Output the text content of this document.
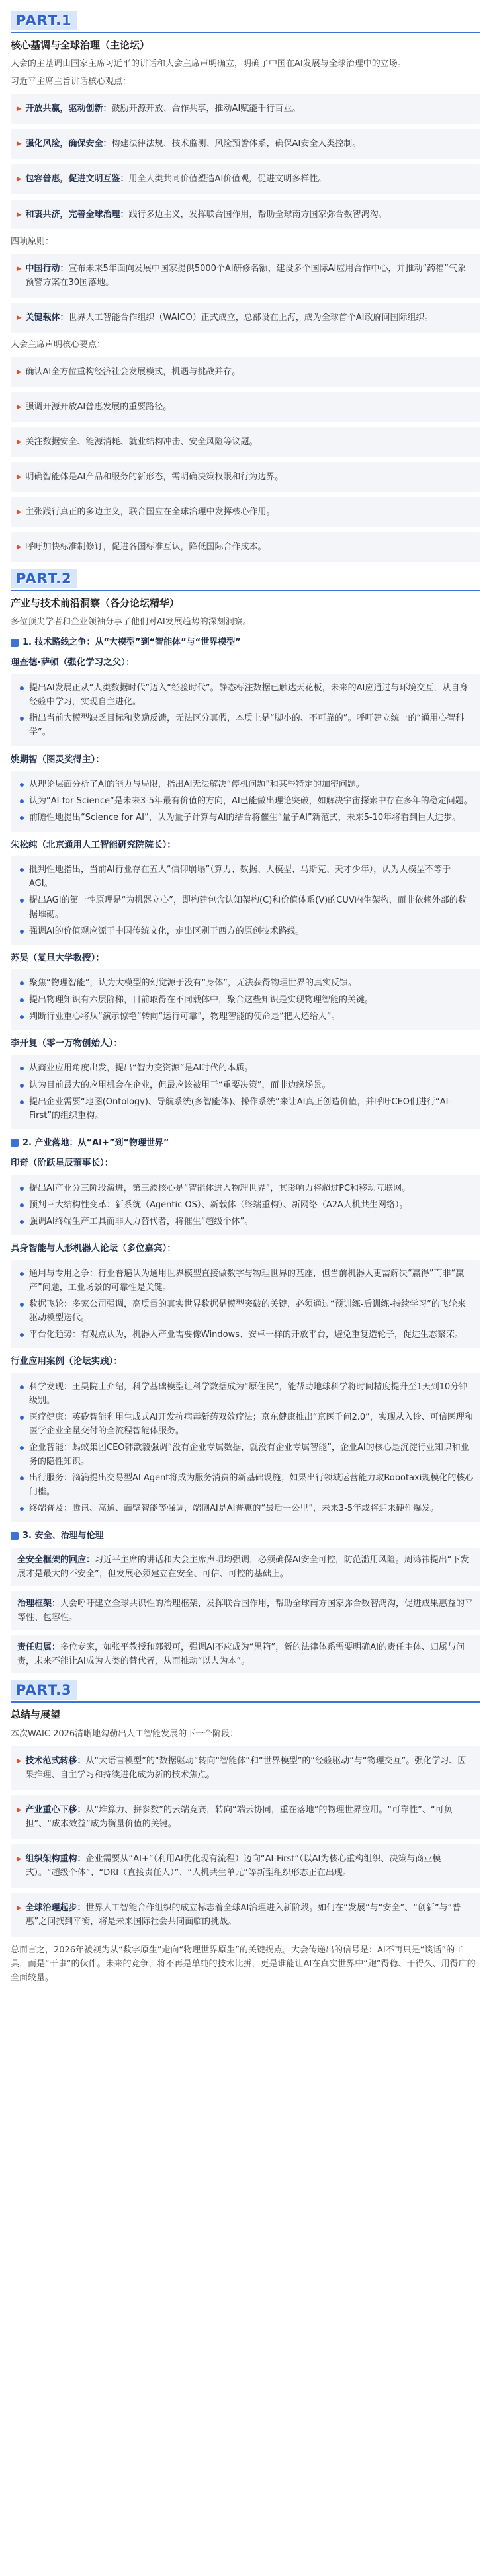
PART.1
核心基调与全球治理（主论坛）

大会的主基调由国家主席习近平的讲话和大会主席声明确立，明确了中国在AI发展与全球治理中的立场。

习近平主席主旨讲话核心观点：

▸ 开放共赢，驱动创新：鼓励开源开放、合作共享，推动AI赋能千行百业。
▸ 强化风险，确保安全：构建法律法规、技术监测、风险预警体系，确保AI安全人类控制。
▸ 包容普惠，促进文明互鉴：用全人类共同价值塑造AI价值观，促进文明多样性。
▸ 和衷共济，完善全球治理：践行多边主义，发挥联合国作用，帮助全球南方国家弥合数智鸿沟。

四项原则：

▸ 中国行动：宣布未来5年面向发展中国家提供5000个AI研修名额，建设多个国际AI应用合作中心，并推动“药福”气象预警方案在30国落地。
▸ 关键载体：世界人工智能合作组织（WAICO）正式成立，总部设在上海，成为全球首个AI政府间国际组织。

大会主席声明核心要点：

▸ 确认AI全方位重构经济社会发展模式，机遇与挑战并存。
▸ 强调开源开放AI普惠发展的重要路径。
▸ 关注数据安全、能源消耗、就业结构冲击、安全风险等议题。
▸ 明确智能体是AI产品和服务的新形态，需明确决策权限和行为边界。
▸ 主张践行真正的多边主义，联合国应在全球治理中发挥核心作用。
▸ 呼吁加快标准制修订，促进各国标准互认，降低国际合作成本。
PART.2
产业与技术前沿洞察（各分论坛精华）

多位顶尖学者和企业领袖分享了他们对AI发展趋势的深刻洞察。

1. 技术路线之争：从“大模型”到“智能体”与“世界模型”
理查德·萨顿（强化学习之父）：
提出AI发展正从“人类数据时代”迈入“经验时代”。静态标注数据已触达天花板，未来的AI应通过与环境交互，从自身经验中学习，实现自主进化。
指出当前大模型缺乏目标和奖励反馈，无法区分真假，本质上是“脚小的、不可靠的”。呼吁建立统一的“通用心智科学”。
姚期智（图灵奖得主）：
从理论层面分析了AI的能力与局限，指出AI无法解决“停机问题”和某些特定的加密问题。
认为“AI for Science”是未来3-5年最有价值的方向，AI已能做出理论突破，如解决宇宙探索中存在多年的稳定问题。
前瞻性地提出“Science for AI”，认为量子计算与AI的结合将催生“量子AI”新范式，未来5-10年将看到巨大进步。
朱松纯（北京通用人工智能研究院院长）：
批判性地指出，当前AI行业存在五大“信仰崩塌”（算力、数据、大模型、马斯克、天才少年），认为大模型不等于AGI。
提出AGI的第一性原理是“为机器立心”，即构建包含认知架构(C)和价值体系(V)的CUV内生架构，而非依赖外部的数据堆砌。
强调AI的价值观应源于中国传统文化，走出区别于西方的原创技术路线。
苏昊（复旦大学教授）：
聚焦“物理智能”，认为大模型的幻觉源于没有“身体”，无法获得物理世界的真实反馈。
提出物理知识有六层阶梯，目前取得在不同载体中，聚合这些知识是实现物理智能的关键。
判断行业重心将从“演示惊艳”转向“运行可靠”，物理智能的使命是“把人还给人”。
李开复（零一万物创始人）：
从商业应用角度出发，提出“智力变资源”是AI时代的本质。
认为目前最大的应用机会在企业，但最应该被用于“重要决策”，而非边缘场景。
提出企业需要“地图(Ontology)、导航系统(多智能体)、操作系统”来让AI真正创造价值，并呼吁CEO们进行“AI-First”的组织重构。
2. 产业落地：从“AI+”到“物理世界”
印奇（阶跃星辰董事长）：
提出AI产业分三阶段演进，第三波核心是“智能体进入物理世界”，其影响力将超过PC和移动互联网。
预判三大结构性变革：新系统（Agentic OS）、新载体（终端重构）、新网络（A2A人机共生网络）。
强调AI终端生产工具而非人力替代者，将催生“超级个体”。
具身智能与人形机器人论坛（多位嘉宾）：
通用与专用之争：行业普遍认为通用世界模型直接做数字与物理世界的基座，但当前机器人更需解决“赢得”而非“赢产”问题，工业场景的可靠性是关键。
数据飞轮：多家公司强调，高质量的真实世界数据是模型突破的关键，必须通过“预训练-后训练-持续学习”的飞轮来驱动模型迭代。
平台化趋势：有观点认为，机器人产业需要像Windows、安卓一样的开放平台，避免重复造轮子，促进生态繁荣。
行业应用案例（论坛实践）：
科学发现：王昊院士介绍，科学基础模型让科学数据成为“原住民”，能帮助地球科学将时间精度提升至1天到10分钟级别。
医疗健康：英矽智能利用生成式AI开发抗病毒新药双效疗法；京东健康推出“京医千问2.0”，实现从入诊、可信医理和医学企业全量交付的全流程智能体服务。
企业智能：蚂蚁集团CEO韩歆毅强调“没有企业专属数据，就没有企业专属智能”，企业AI的核心是沉淀行业知识和业务的隐性知识。
出行服务：滴滴提出交易型AI Agent将成为服务消费的新基础设施；如果出行领域运营能力取Robotaxi规模化的核心门槛。
终端普及：腾讯、高通、面壁智能等强调，端侧AI是AI普惠的“最后一公里”，未来3-5年或将迎来硬件爆发。
3. 安全、治理与伦理
全安全框架的回应：习近平主席的讲话和大会主席声明均强调，必须确保AI安全可控，防范滥用风险。周鸿祎提出“下发展才是最大的不安全”，但发展必须建立在安全、可信、可控的基础上。
治理框架：大会呼吁建立全球共识性的治理框架，发挥联合国作用，帮助全球南方国家弥合数智鸿沟，促进成果惠益的平等性、包容性。
责任归属：多位专家，如张平教授和郭毅可，强调AI不应成为“黑箱”，新的法律体系需要明确AI的责任主体、归属与问责，未来不能让AI成为人类的替代者，从而推动“以人为本”。
PART.3
总结与展望

本次WAIC 2026清晰地勾勒出人工智能发展的下一个阶段：

▸ 技术范式转移：从“大语言模型”的“数据驱动”转向“智能体”和“世界模型”的“经验驱动”与“物理交互”。强化学习、因果推理、自主学习和持续进化成为新的技术焦点。
▸ 产业重心下移：从“堆算力、拼参数”的云端竞赛，转向“端云协同，重在落地”的物理世界应用。“可靠性”、“可负担”、“成本效益”成为衡量价值的关键。
▸ 组织架构重构：企业需要从“AI+”（利用AI优化现有流程）迈向“AI-First”（以AI为核心重构组织、决策与商业模式）。“超级个体”、“DRI（直接责任人）”、“人机共生单元”等新型组织形态正在出现。
▸ 全球治理起步：世界人工智能合作组织的成立标志着全球AI治理进入新阶段。如何在“发展”与“安全”、“创新”与“普惠”之间找到平衡，将是未来国际社会共同面临的挑战。

总而言之，2026年被视为从“数字原生”走向“物理世界原生”的关键拐点。大会传递出的信号是：AI不再只是“谈话”的工具，而是“干事”的伙伴。未来的竞争，将不再是单纯的技术比拼，更是谁能让AI在真实世界中“跑”得稳、干得久、用得广的全面较量。
